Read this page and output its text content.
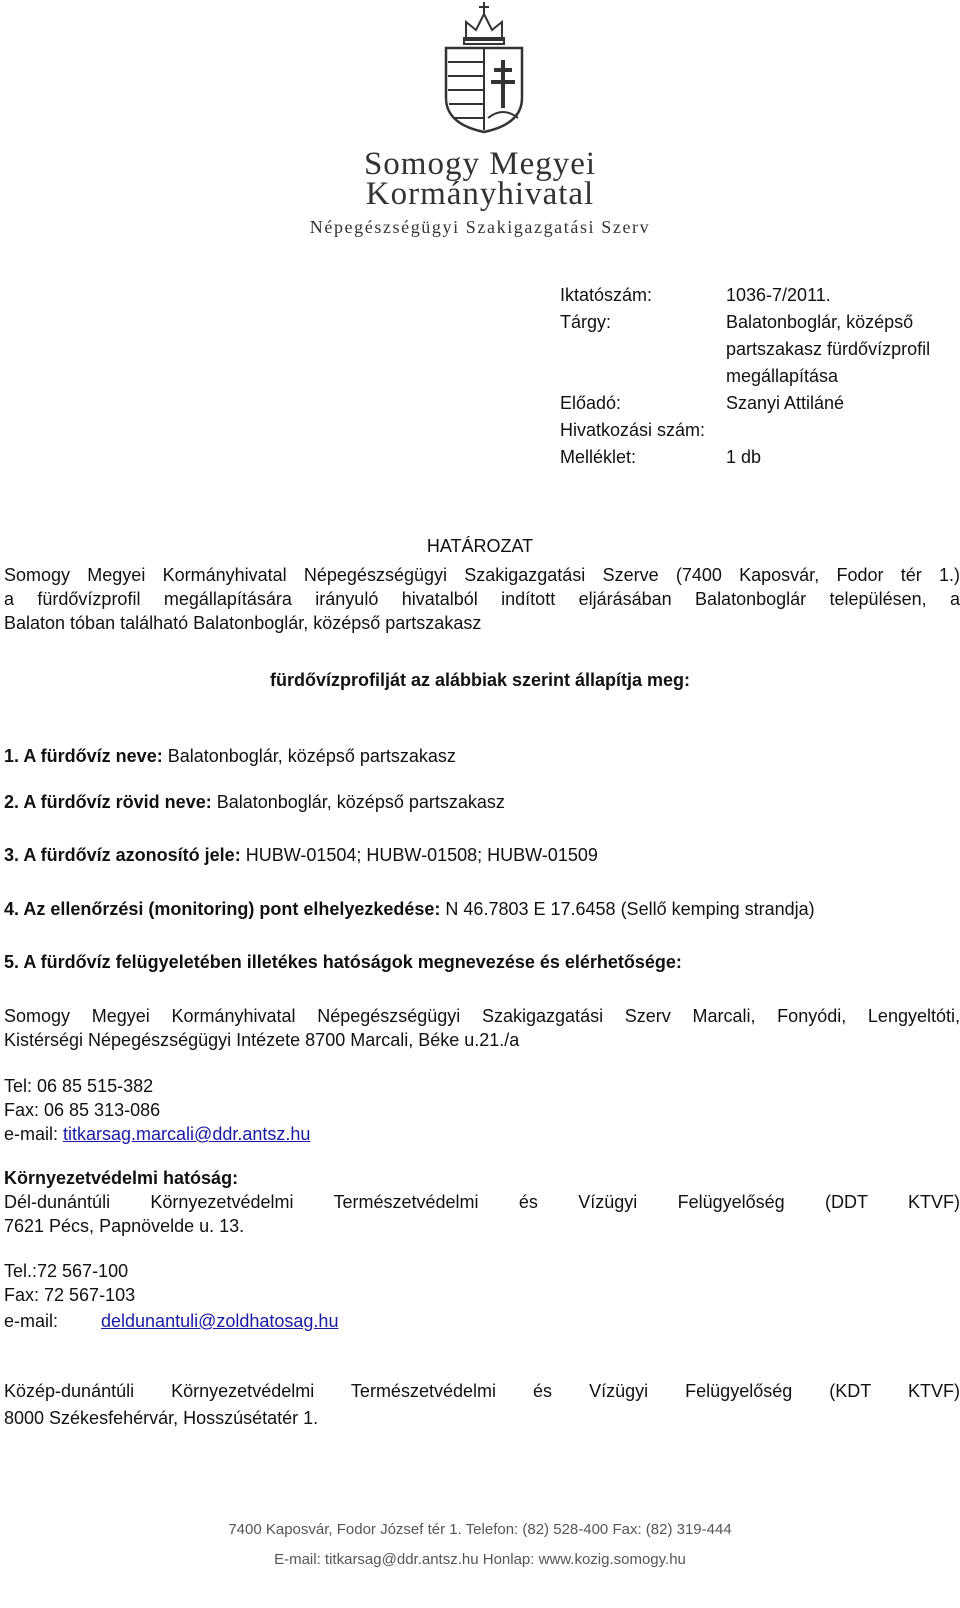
Somogy Megyei
Kormányhivatal
Népegészségügyi Szakigazgatási Szerv
Iktatószám:	1036-7/2011.
Tárgy:	Balatonboglár, középső
partszakasz fürdővízprofil
megállapítása
Előadó:	Szanyi Attiláné
Hivatkozási szám:
Melléklet:	1 db
HATÁROZAT
Somogy Megyei Kormányhivatal Népegészségügyi Szakigazgatási Szerve (7400 Kaposvár, Fodor tér 1.)
a fürdővízprofil megállapítására irányuló hivatalból indított eljárásában Balatonboglár településen, a
Balaton tóban található Balatonboglár, középső partszakasz
fürdővízprofilját az alábbiak szerint állapítja meg:
1. A fürdővíz neve: Balatonboglár, középső partszakasz
2. A fürdővíz rövid neve: Balatonboglár, középső partszakasz
3. A fürdővíz azonosító jele: HUBW-01504; HUBW-01508; HUBW-01509
4. Az ellenőrzési (monitoring) pont elhelyezkedése: N 46.7803 E 17.6458 (Sellő kemping strandja)
5. A fürdővíz felügyeletében illetékes hatóságok megnevezése és elérhetősége:
Somogy Megyei Kormányhivatal Népegészségügyi Szakigazgatási Szerv Marcali, Fonyódi, Lengyeltóti,
Kistérségi Népegészségügyi Intézete 8700 Marcali, Béke u.21./a
Tel: 06 85 515-382
Fax: 06 85 313-086
e-mail: titkarsag.marcali@ddr.antsz.hu
Környezetvédelmi hatóság:
Dél-dunántúli Környezetvédelmi Természetvédelmi és Vízügyi Felügyelőség (DDT KTVF)
7621 Pécs, Papnövelde u. 13.
Tel.:72 567-100
Fax: 72 567-103
e-mail: deldunantuli@zoldhatosag.hu
Közép-dunántúli Környezetvédelmi Természetvédelmi és Vízügyi Felügyelőség (KDT KTVF)
8000 Székesfehérvár, Hosszúsétatér 1.
7400 Kaposvár, Fodor József tér 1. Telefon: (82) 528-400 Fax: (82) 319-444
E-mail: titkarsag@ddr.antsz.hu Honlap: www.kozig.somogy.hu
